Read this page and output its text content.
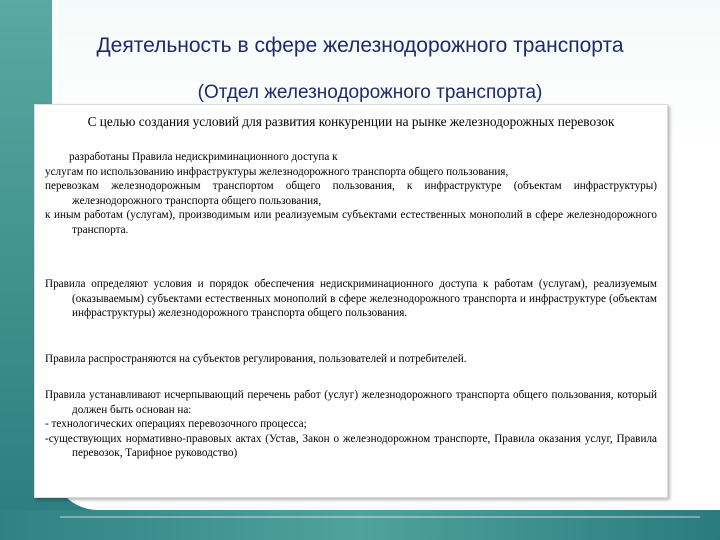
Деятельность в сфере железнодорожного транспорта
(Отдел железнодорожного транспорта)
С целью создания условий для развития конкуренции на рынке железнодорожных перевозок

разработаны Правила недискриминационного доступа к

услугам по использованию инфраструктуры железнодорожного транспорта общего пользования,

перевозкам железнодорожным транспортом общего пользования, к инфраструктуре (объектам инфраструктуры) железнодорожного транспорта общего пользования,

к иным работам (услугам), производимым или реализуемым субъектами естественных монополий в сфере железнодорожного транспорта.

Правила определяют условия и порядок обеспечения недискриминационного доступа к работам (услугам), реализуемым (оказываемым) субъектами естественных монополий в сфере железнодорожного транспорта и инфраструктуре (объектам инфраструктуры) железнодорожного транспорта общего пользования.

Правила распространяются на субъектов регулирования, пользователей и потребителей.

Правила устанавливают исчерпывающий перечень работ (услуг) железнодорожного транспорта общего пользования, который должен быть основан на:

- технологических операциях перевозочного процесса;

-существующих нормативно-правовых актах (Устав, Закон о железнодорожном транспорте, Правила оказания услуг, Правила перевозок, Тарифное руководство)
